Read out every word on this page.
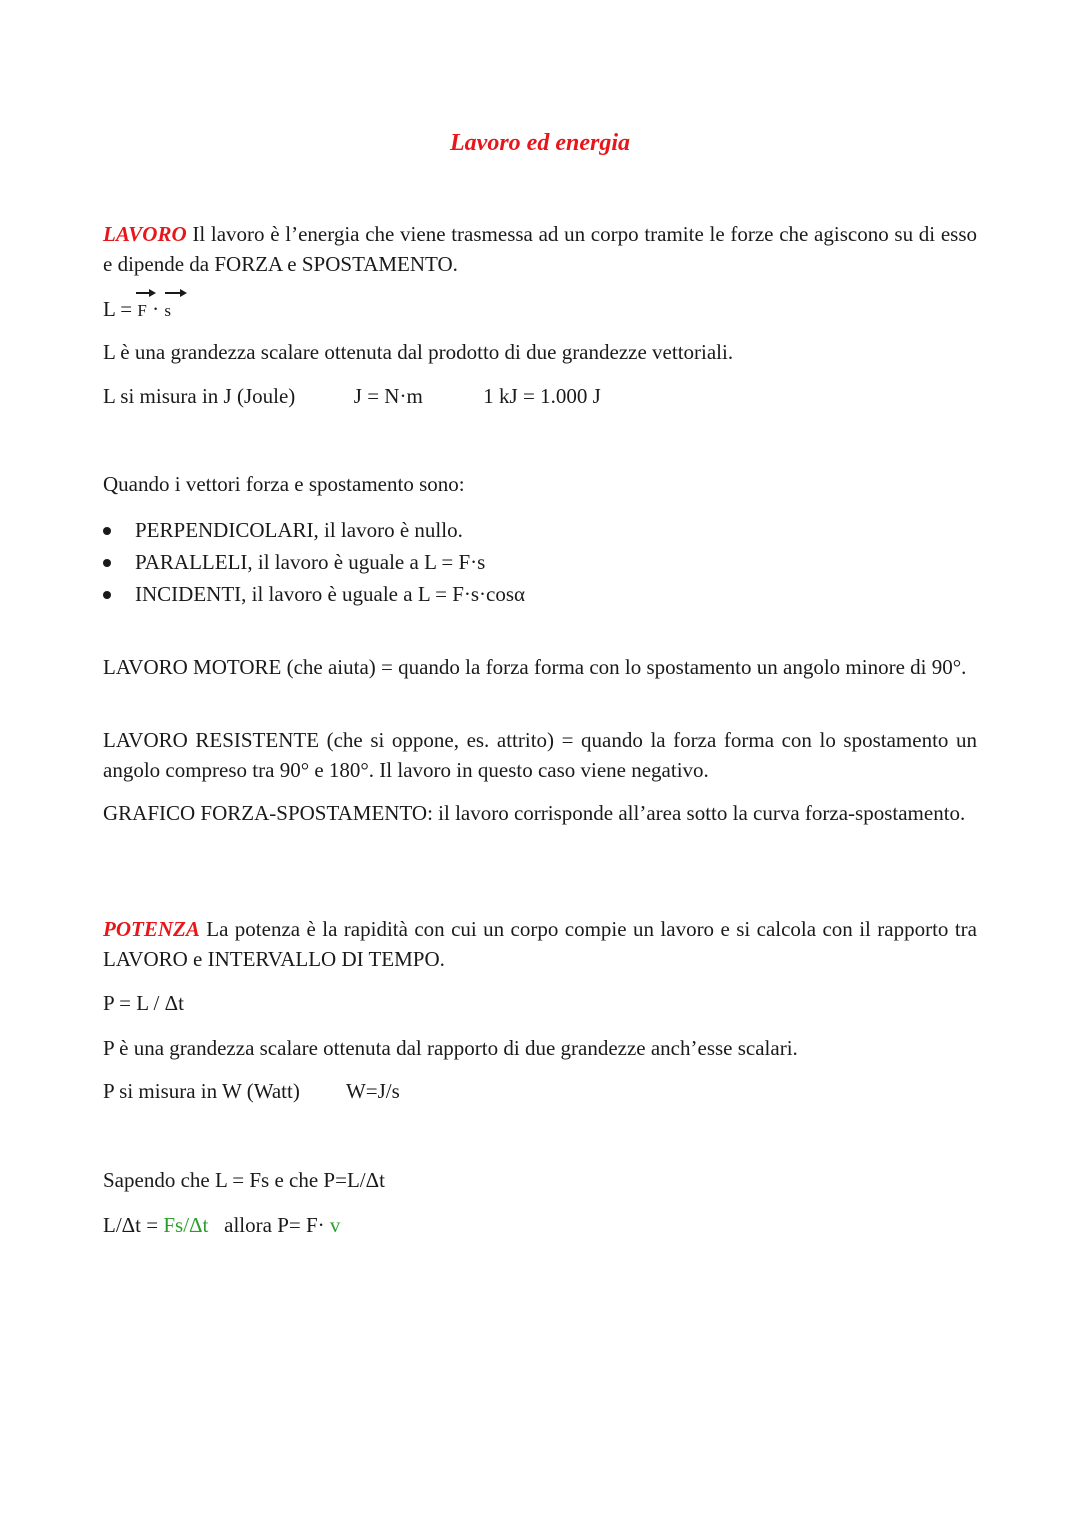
Lavoro ed energia
LAVORO Il lavoro è l’energia che viene trasmessa ad un corpo tramite le forze che agiscono su di esso e dipende da FORZA e SPOSTAMENTO.
L = F · s
L è una grandezza scalare ottenuta dal prodotto di due grandezze vettoriali.
L si misura in J (Joule)	J = N·m	1 kJ = 1.000 J
Quando i vettori forza e spostamento sono:
PERPENDICOLARI, il lavoro è nullo.
PARALLELI, il lavoro è uguale a L = F·s
INCIDENTI, il lavoro è uguale a L = F·s·cosα
LAVORO MOTORE (che aiuta) = quando la forza forma con lo spostamento un angolo minore di 90°.
LAVORO RESISTENTE (che si oppone, es. attrito) = quando la forza forma con lo spostamento un angolo compreso tra 90° e 180°. Il lavoro in questo caso viene negativo.
GRAFICO FORZA-SPOSTAMENTO: il lavoro corrisponde all’area sotto la curva forza-spostamento.
POTENZA La potenza è la rapidità con cui un corpo compie un lavoro e si calcola con il rapporto tra LAVORO e INTERVALLO DI TEMPO.
P = L / Δt
P è una grandezza scalare ottenuta dal rapporto di due grandezze anch’esse scalari.
P si misura in W (Watt) W=J/s
Sapendo che L = Fs e che P=L/Δt
L/Δt = Fs/Δt   allora P= F· v
